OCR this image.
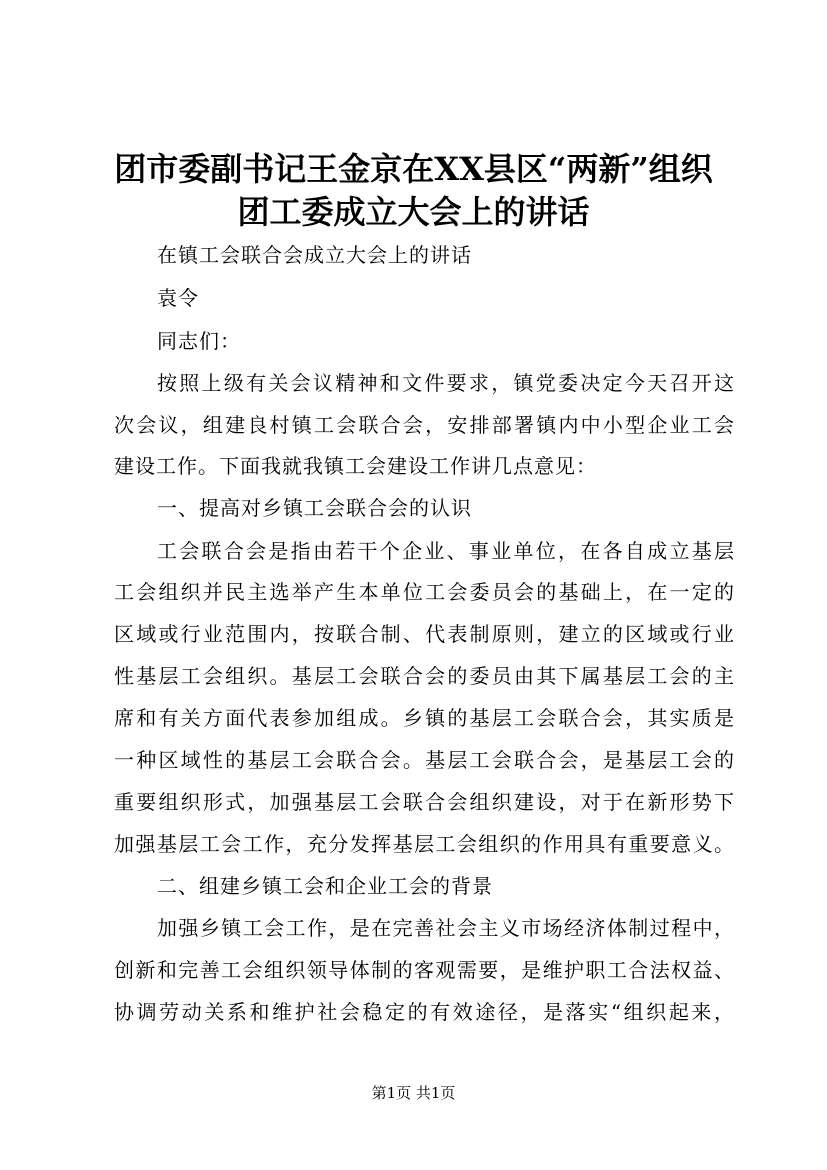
团市委副书记王金京在XX县区“两新”组织
团工委成立大会上的讲话

在镇工会联合会成立大会上的讲话

袁令

同志们：

按照上级有关会议精神和文件要求，镇党委决定今天召开这

次会议，组建良村镇工会联合会，安排部署镇内中小型企业工会

建设工作。下面我就我镇工会建设工作讲几点意见：

一、提高对乡镇工会联合会的认识

工会联合会是指由若干个企业、事业单位，在各自成立基层

工会组织并民主选举产生本单位工会委员会的基础上，在一定的

区域或行业范围内，按联合制、代表制原则，建立的区域或行业

性基层工会组织。基层工会联合会的委员由其下属基层工会的主

席和有关方面代表参加组成。乡镇的基层工会联合会，其实质是

一种区域性的基层工会联合会。基层工会联合会，是基层工会的

重要组织形式，加强基层工会联合会组织建设，对于在新形势下

加强基层工会工作，充分发挥基层工会组织的作用具有重要意义。

二、组建乡镇工会和企业工会的背景

加强乡镇工会工作，是在完善社会主义市场经济体制过程中，

创新和完善工会组织领导体制的客观需要，是维护职工合法权益、

协调劳动关系和维护社会稳定的有效途径，是落实“组织起来，

第1页 共1页
